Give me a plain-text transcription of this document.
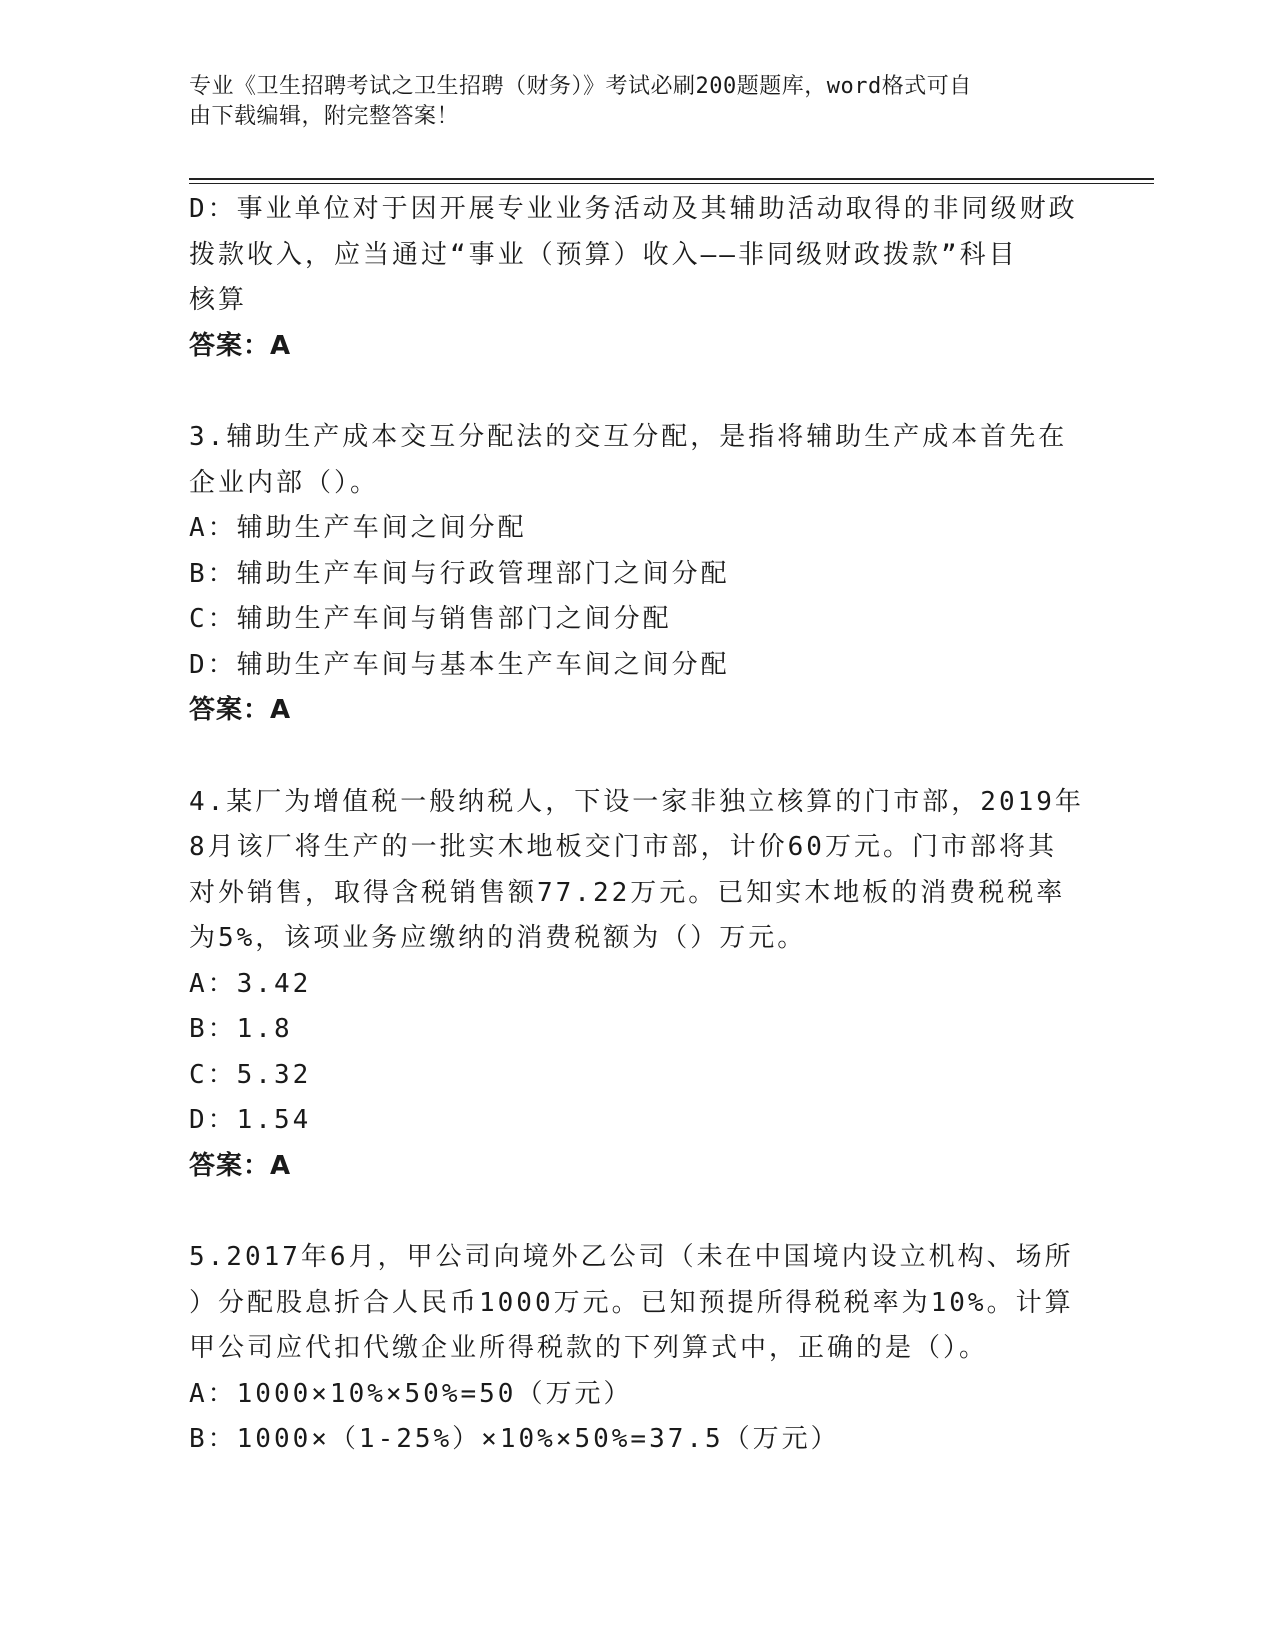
专业《卫生招聘考试之卫生招聘（财务）》考试必刷200题题库，word格式可自
由下载编辑，附完整答案！
D：事业单位对于因开展专业业务活动及其辅助活动取得的非同级财政
拨款收入，应当通过“事业（预算）收入——非同级财政拨款”科目
核算
答案：A
3.辅助生产成本交互分配法的交互分配，是指将辅助生产成本首先在
企业内部（）。
A：辅助生产车间之间分配
B：辅助生产车间与行政管理部门之间分配
C：辅助生产车间与销售部门之间分配
D：辅助生产车间与基本生产车间之间分配
答案：A
4.某厂为增值税一般纳税人，下设一家非独立核算的门市部，2019年
8月该厂将生产的一批实木地板交门市部，计价60万元。门市部将其
对外销售，取得含税销售额77.22万元。已知实木地板的消费税税率
为5%，该项业务应缴纳的消费税额为（）万元。
A：3.42
B：1.8
C：5.32
D：1.54
答案：A
5.2017年6月，甲公司向境外乙公司（未在中国境内设立机构、场所
）分配股息折合人民币1000万元。已知预提所得税税率为10%。计算
甲公司应代扣代缴企业所得税款的下列算式中，正确的是（）。
A：1000×10%×50%=50（万元）
B：1000×（1-25%）×10%×50%=37.5（万元）
